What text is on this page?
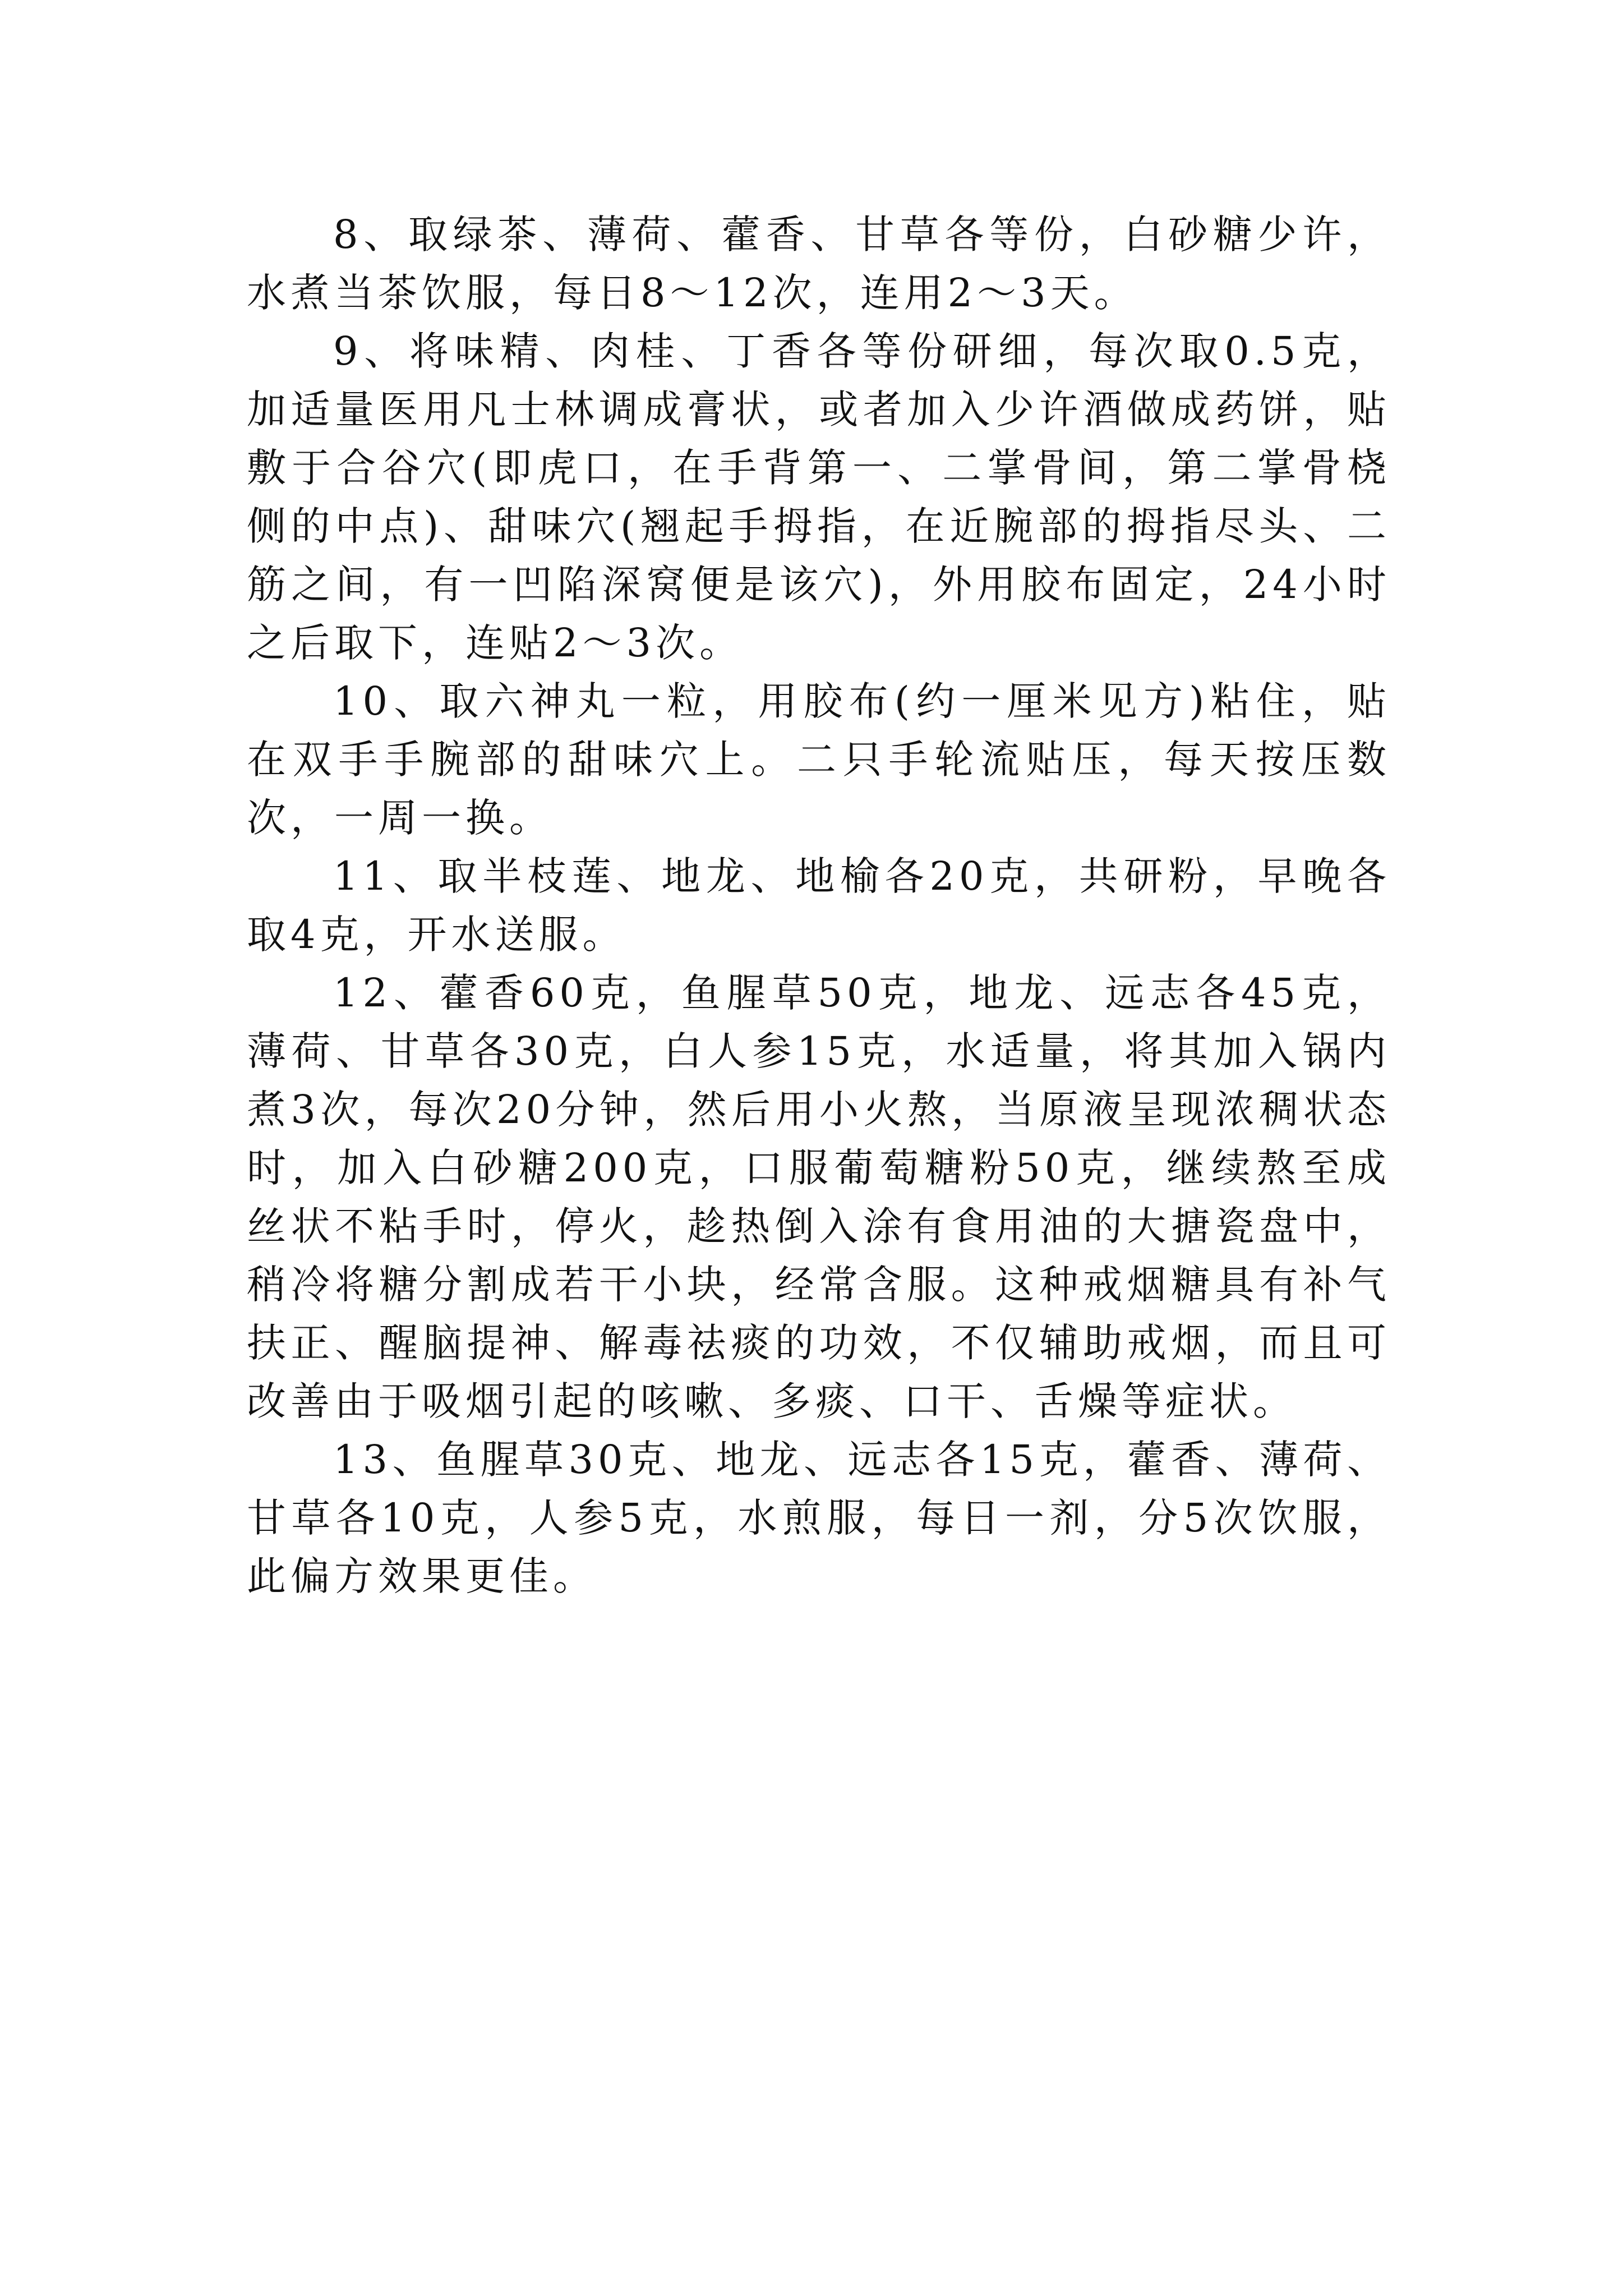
8、取绿茶、薄荷、藿香、甘草各等份，白砂糖少许，水煮当茶饮服，每日8～12次，连用2～3天。

9、将味精、肉桂、丁香各等份研细，每次取0.5克，加适量医用凡士林调成膏状，或者加入少许酒做成药饼，贴敷于合谷穴(即虎口，在手背第一、二掌骨间，第二掌骨桡侧的中点)、甜味穴(翘起手拇指，在近腕部的拇指尽头、二筋之间，有一凹陷深窝便是该穴)，外用胶布固定，24小时之后取下，连贴2～3次。

10、取六神丸一粒，用胶布(约一厘米见方)粘住，贴在双手手腕部的甜味穴上。二只手轮流贴压，每天按压数次，一周一换。

11、取半枝莲、地龙、地榆各20克，共研粉，早晚各取4克，开水送服。

12、藿香60克，鱼腥草50克，地龙、远志各45克，薄荷、甘草各30克，白人参15克，水适量，将其加入锅内煮3次，每次20分钟，然后用小火熬，当原液呈现浓稠状态时，加入白砂糖200克，口服葡萄糖粉50克，继续熬至成丝状不粘手时，停火，趁热倒入涂有食用油的大搪瓷盘中，稍冷将糖分割成若干小块，经常含服。这种戒烟糖具有补气扶正、醒脑提神、解毒祛痰的功效，不仅辅助戒烟，而且可改善由于吸烟引起的咳嗽、多痰、口干、舌燥等症状。

13、鱼腥草30克、地龙、远志各15克，藿香、薄荷、甘草各10克，人参5克，水煎服，每日一剂，分5次饮服，此偏方效果更佳。
